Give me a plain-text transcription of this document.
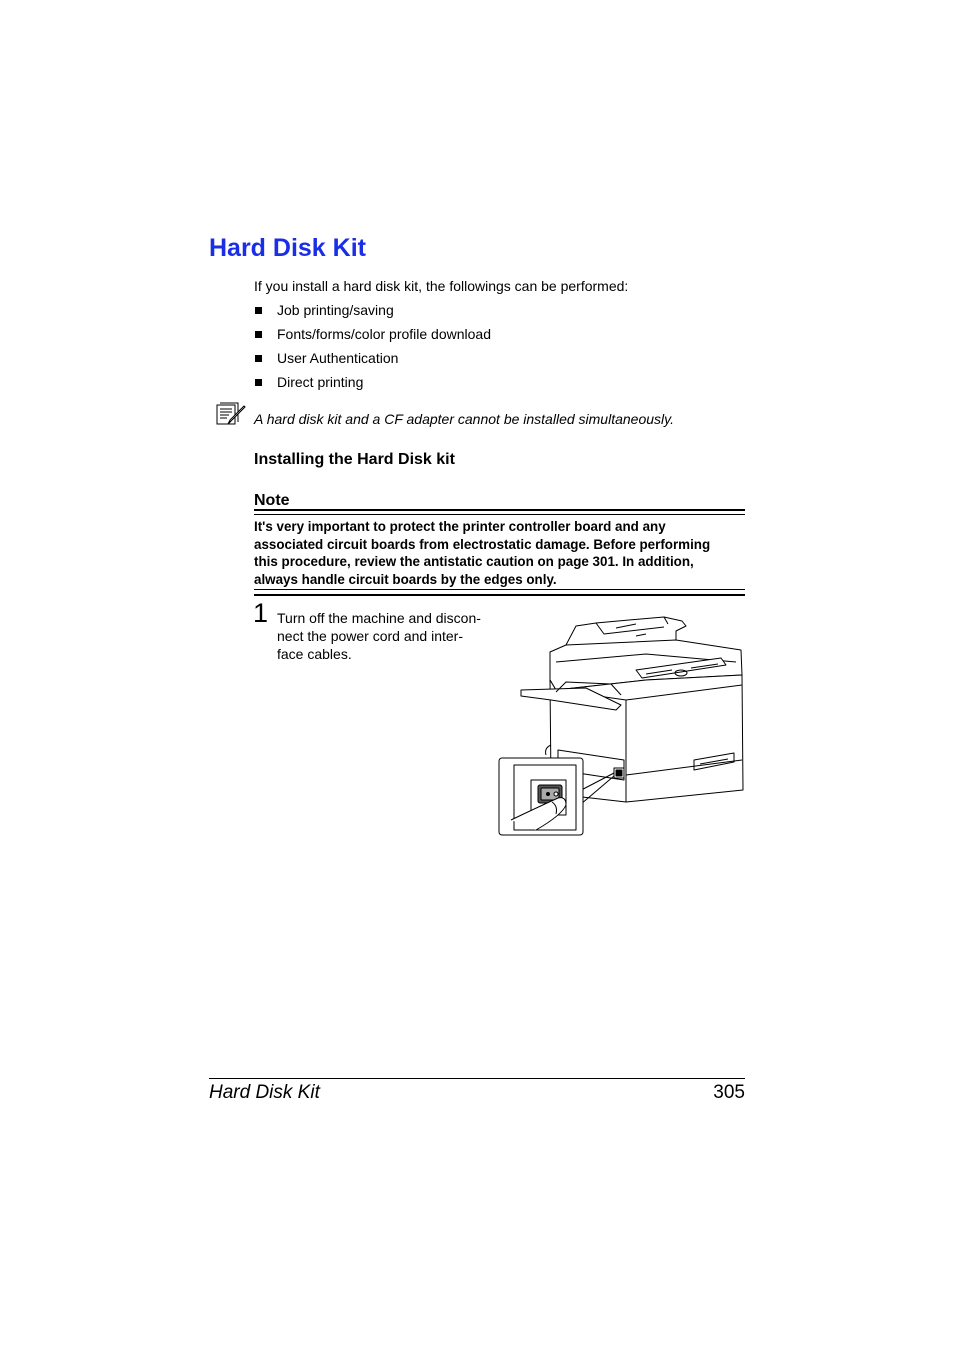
Hard Disk Kit
If you install a hard disk kit, the followings can be performed:
Job printing/saving
Fonts/forms/color profile download
User Authentication
Direct printing
A hard disk kit and a CF adapter cannot be installed simultaneously.
Installing the Hard Disk kit
Note
It's very important to protect the printer controller board and any
associated circuit boards from electrostatic damage. Before performing
this procedure, review the antistatic caution on page 301. In addition,
always handle circuit boards by the edges only.
1 Turn off the machine and discon-
nect the power cord and inter-
face cables.
Hard Disk Kit	305
